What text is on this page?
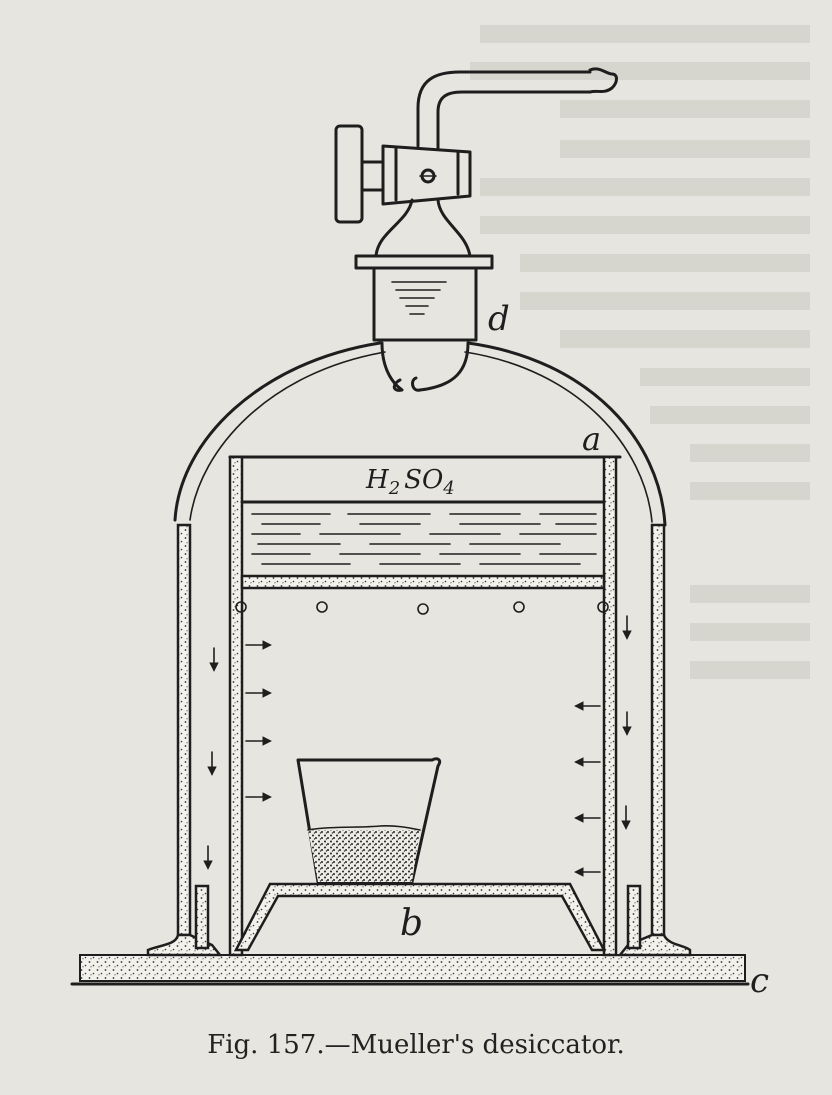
d
a
b
c
$H_2$ $SO_4$
Fig. 157.—Mueller's desiccator.
